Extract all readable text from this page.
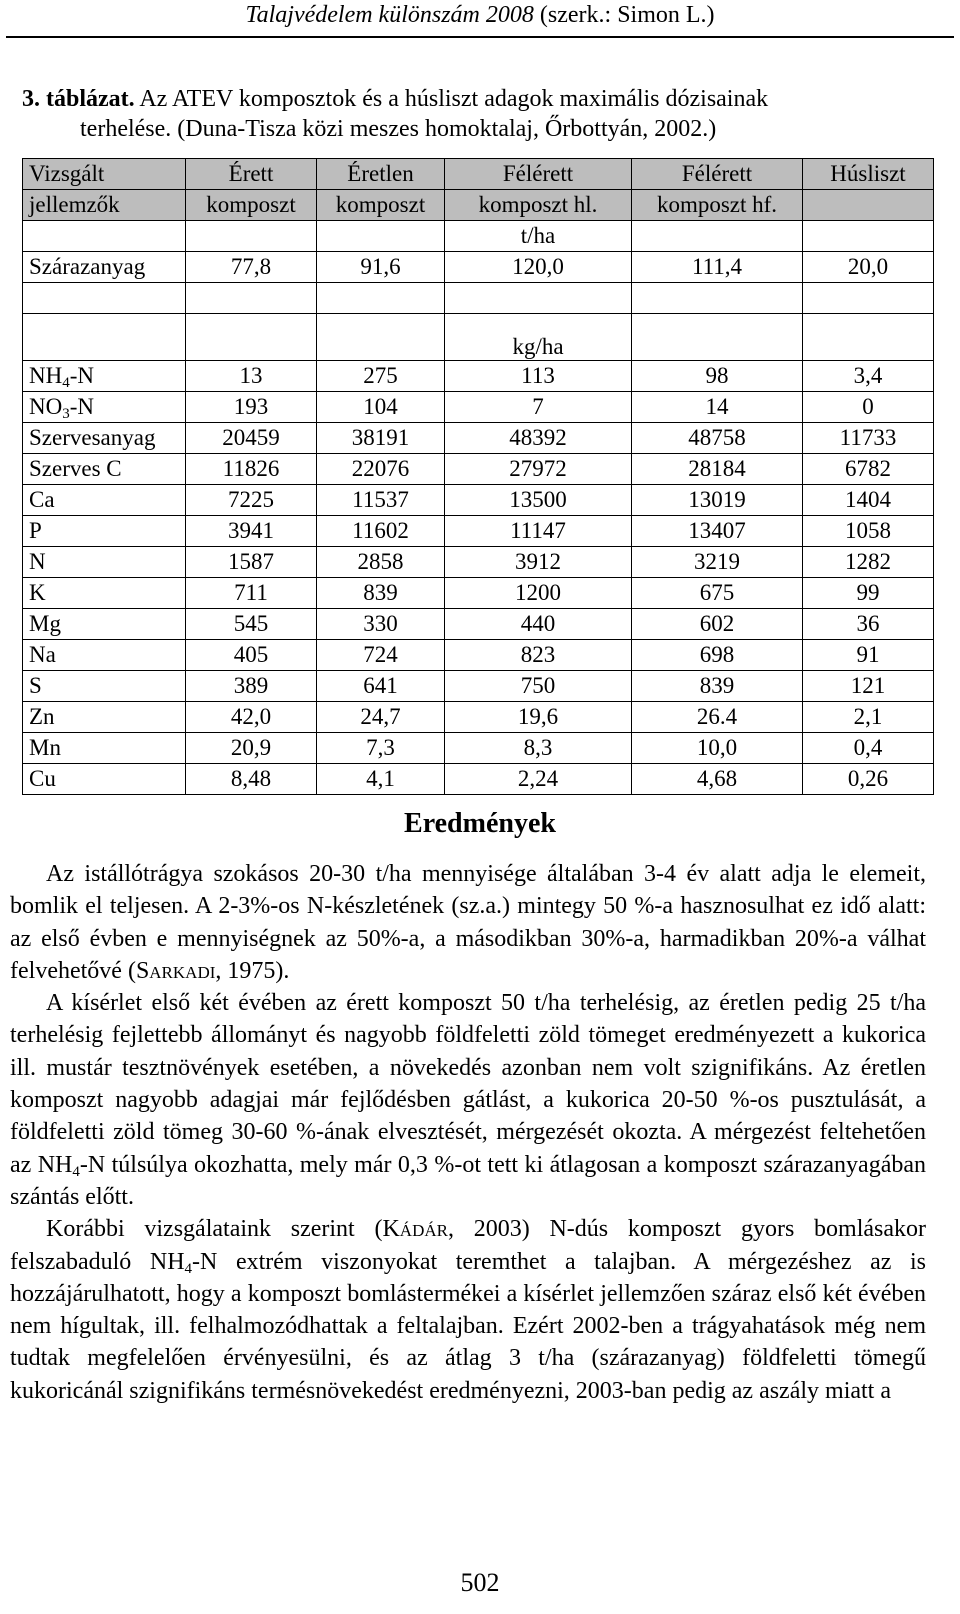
Talajvédelem különszám 2008 (szerk.: Simon L.)
3. táblázat. Az ATEV komposztok és a húsliszt adagok maximális dózisainak
terhelése. (Duna-Tisza közi meszes homoktalaj, Őrbottyán, 2002.)
Vizsgált	Érett	Éretlen	Félérett	Félérett	Húsliszt
jellemzők	komposzt	komposzt	komposzt hl.	komposzt hf.	
			t/ha		
Szárazanyag	77,8	91,6	120,0	111,4	20,0

			kg/ha		
$NH_4-N$	13	275	113	98	3,4
$NO_3-N$	193	104	7	14	0
Szervesanyag	20459	38191	48392	48758	11733
Szerves C	11826	22076	27972	28184	6782
Ca	7225	11537	13500	13019	1404
P	3941	11602	11147	13407	1058
N	1587	2858	3912	3219	1282
K	711	839	1200	675	99
Mg	545	330	440	602	36
Na	405	724	823	698	91
S	389	641	750	839	121
Zn	42,0	24,7	19,6	26.4	2,1
Mn	20,9	7,3	8,3	10,0	0,4
Cu	8,48	4,1	2,24	4,68	0,26
Eredmények

Az istállótrágya szokásos 20-30 t/ha mennyisége általában 3-4 év alatt adja le elemeit, bomlik el teljesen. A 2-3%-os N-készletének (sz.a.) mintegy 50 %-a hasznosulhat ez idő alatt: az első évben e mennyiségnek az 50%-a, a másodikban 30%-a, harmadikban 20%-a válhat felvehetővé (Sarkadi, 1975).

A kísérlet első két évében az érett komposzt 50 t/ha terhelésig, az éretlen pedig 25 t/ha terhelésig fejlettebb állományt és nagyobb földfeletti zöld tömeget eredményezett a kukorica ill. mustár tesztnövények esetében, a növekedés azonban nem volt szignifikáns. Az éretlen komposzt nagyobb adagjai már fejlődésben gátlást, a kukorica 20-50 %-os pusztulását, a földfeletti zöld tömeg 30-60 %-ának elvesztését, mérgezését okozta. A mérgezést feltehetően az $NH_4-N$ túlsúlya okozhatta, mely már 0,3 %-ot tett ki átlagosan a komposzt szárazanyagában szántás előtt.

Korábbi vizsgálataink szerint (Kádár, 2003) N-dús komposzt gyors bomlásakor felszabaduló $NH_4-N$ extrém viszonyokat teremthet a talajban. A mérgezéshez az is hozzájárulhatott, hogy a komposzt bomlástermékei a kísérlet jellemzően száraz első két évében nem hígultak, ill. felhalmozódhattak a feltalajban. Ezért 2002-ben a trágyahatások még nem tudtak megfelelően érvényesülni, és az átlag 3 t/ha (szárazanyag) földfeletti tömegű kukoricánál szignifikáns termésnövekedést eredményezni, 2003-ban pedig az aszály miatt a

502
